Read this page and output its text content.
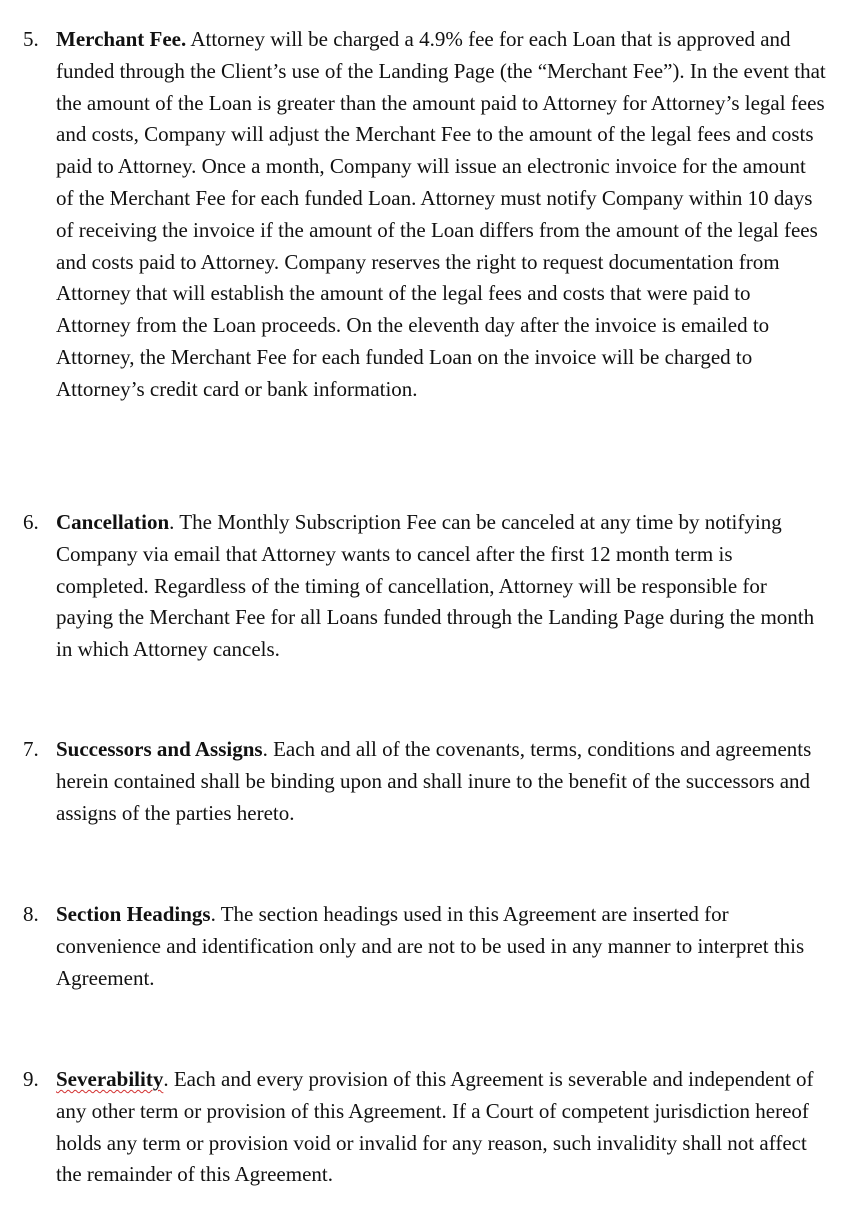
5. Merchant Fee. Attorney will be charged a 4.9% fee for each Loan that is approved and funded through the Client’s use of the Landing Page (the “Merchant Fee”). In the event that the amount of the Loan is greater than the amount paid to Attorney for Attorney’s legal fees and costs, Company will adjust the Merchant Fee to the amount of the legal fees and costs paid to Attorney. Once a month, Company will issue an electronic invoice for the amount of the Merchant Fee for each funded Loan. Attorney must notify Company within 10 days of receiving the invoice if the amount of the Loan differs from the amount of the legal fees and costs paid to Attorney. Company reserves the right to request documentation from Attorney that will establish the amount of the legal fees and costs that were paid to Attorney from the Loan proceeds. On the eleventh day after the invoice is emailed to Attorney, the Merchant Fee for each funded Loan on the invoice will be charged to Attorney’s credit card or bank information.
6. Cancellation. The Monthly Subscription Fee can be canceled at any time by notifying Company via email that Attorney wants to cancel after the first 12 month term is completed. Regardless of the timing of cancellation, Attorney will be responsible for paying the Merchant Fee for all Loans funded through the Landing Page during the month in which Attorney cancels.
7. Successors and Assigns. Each and all of the covenants, terms, conditions and agreements herein contained shall be binding upon and shall inure to the benefit of the successors and assigns of the parties hereto.
8. Section Headings. The section headings used in this Agreement are inserted for convenience and identification only and are not to be used in any manner to interpret this Agreement.
9. Severability. Each and every provision of this Agreement is severable and independent of any other term or provision of this Agreement. If a Court of competent jurisdiction hereof holds any term or provision void or invalid for any reason, such invalidity shall not affect the remainder of this Agreement.
